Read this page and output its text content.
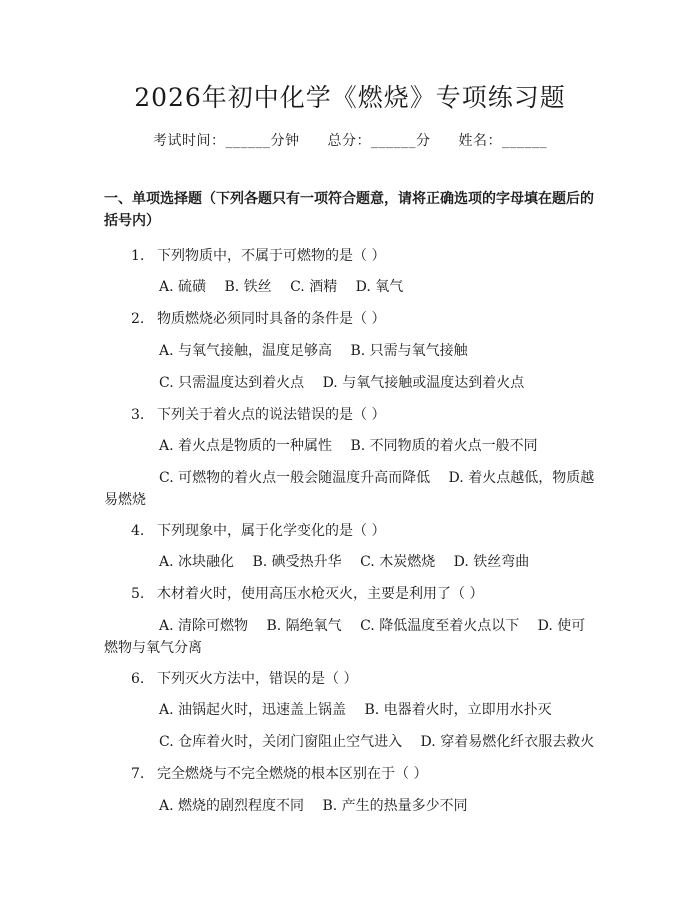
2026年初中化学《燃烧》专项练习题
考试时间：______分钟 总分：______分 姓名：______
一、单项选择题（下列各题只有一项符合题意，请将正确选项的字母填在题后的括号内）
1. 下列物质中，不属于可燃物的是（ ）
A. 硫磺　 B. 铁丝　 C. 酒精　 D. 氧气
2. 物质燃烧必须同时具备的条件是（ ）
A. 与氧气接触，温度足够高　 B. 只需与氧气接触
C. 只需温度达到着火点　 D. 与氧气接触或温度达到着火点
3. 下列关于着火点的说法错误的是（ ）
A. 着火点是物质的一种属性　 B. 不同物质的着火点一般不同
C. 可燃物的着火点一般会随温度升高而降低　 D. 着火点越低，物质越
易燃烧
4. 下列现象中，属于化学变化的是（ ）
A. 冰块融化　 B. 碘受热升华　 C. 木炭燃烧　 D. 铁丝弯曲
5. 木材着火时，使用高压水枪灭火，主要是利用了（ ）
A. 清除可燃物　 B. 隔绝氧气　 C. 降低温度至着火点以下　 D. 使可
燃物与氧气分离
6. 下列灭火方法中，错误的是（ ）
A. 油锅起火时，迅速盖上锅盖　 B. 电器着火时，立即用水扑灭
C. 仓库着火时，关闭门窗阻止空气进入　 D. 穿着易燃化纤衣服去救火
7. 完全燃烧与不完全燃烧的根本区别在于（ ）
A. 燃烧的剧烈程度不同　 B. 产生的热量多少不同
